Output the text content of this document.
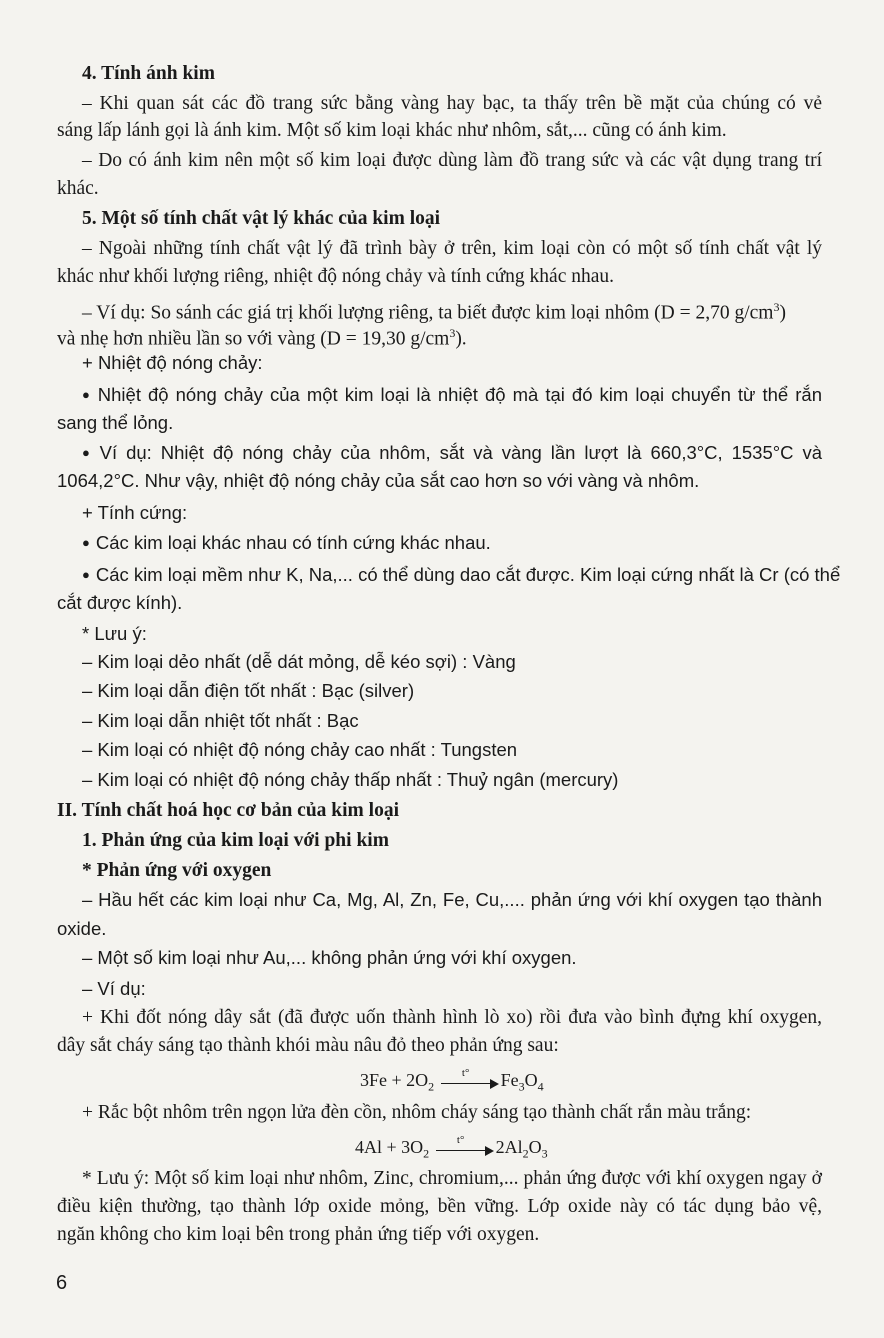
4. Tính ánh kim
– Khi quan sát các đồ trang sức bằng vàng hay bạc, ta thấy trên bề mặt của chúng có vẻ
sáng lấp lánh gọi là ánh kim. Một số kim loại khác như nhôm, sắt,... cũng có ánh kim.
– Do có ánh kim nên một số kim loại được dùng làm đồ trang sức và các vật dụng trang trí
khác.
5. Một số tính chất vật lý khác của kim loại
– Ngoài những tính chất vật lý đã trình bày ở trên, kim loại còn có một số tính chất vật lý
khác như khối lượng riêng, nhiệt độ nóng chảy và tính cứng khác nhau.
– Ví dụ: So sánh các giá trị khối lượng riêng, ta biết được kim loại nhôm (D = 2,70 $g/cm^3$)
và nhẹ hơn nhiều lần so với vàng (D = 19,30 $g/cm^3$).
+ Nhiệt độ nóng chảy:
● Nhiệt độ nóng chảy của một kim loại là nhiệt độ mà tại đó kim loại chuyển từ thể rắn
sang thể lỏng.
● Ví dụ: Nhiệt độ nóng chảy của nhôm, sắt và vàng lần lượt là 660,3°C, 1535°C và
1064,2°C. Như vậy, nhiệt độ nóng chảy của sắt cao hơn so với vàng và nhôm.
+ Tính cứng:
● Các kim loại khác nhau có tính cứng khác nhau.
● Các kim loại mềm như K, Na,... có thể dùng dao cắt được. Kim loại cứng nhất là Cr (có thể
cắt được kính).
* Lưu ý:
– Kim loại dẻo nhất (dễ dát mỏng, dễ kéo sợi) : Vàng
– Kim loại dẫn điện tốt nhất : Bạc (silver)
– Kim loại dẫn nhiệt tốt nhất : Bạc
– Kim loại có nhiệt độ nóng chảy cao nhất : Tungsten
– Kim loại có nhiệt độ nóng chảy thấp nhất : Thuỷ ngân (mercury)
II. Tính chất hoá học cơ bản của kim loại
1. Phản ứng của kim loại với phi kim
* Phản ứng với oxygen
– Hầu hết các kim loại như Ca, Mg, Al, Zn, Fe, Cu,.... phản ứng với khí oxygen tạo thành
oxide.
– Một số kim loại như Au,... không phản ứng với khí oxygen.
– Ví dụ:
+ Khi đốt nóng dây sắt (đã được uốn thành hình lò xo) rồi đưa vào bình đựng khí oxygen,
dây sắt cháy sáng tạo thành khói màu nâu đỏ theo phản ứng sau:
$3Fe + 2O_2$
t°	$Fe_3O_4$
+ Rắc bột nhôm trên ngọn lửa đèn cồn, nhôm cháy sáng tạo thành chất rắn màu trắng:
$4Al + 3O_2$
t°	$2Al_2O_3$
* Lưu ý: Một số kim loại như nhôm, Zinc, chromium,... phản ứng được với khí oxygen ngay ở
điều kiện thường, tạo thành lớp oxide mỏng, bền vững. Lớp oxide này có tác dụng bảo vệ,
ngăn không cho kim loại bên trong phản ứng tiếp với oxygen.
6
